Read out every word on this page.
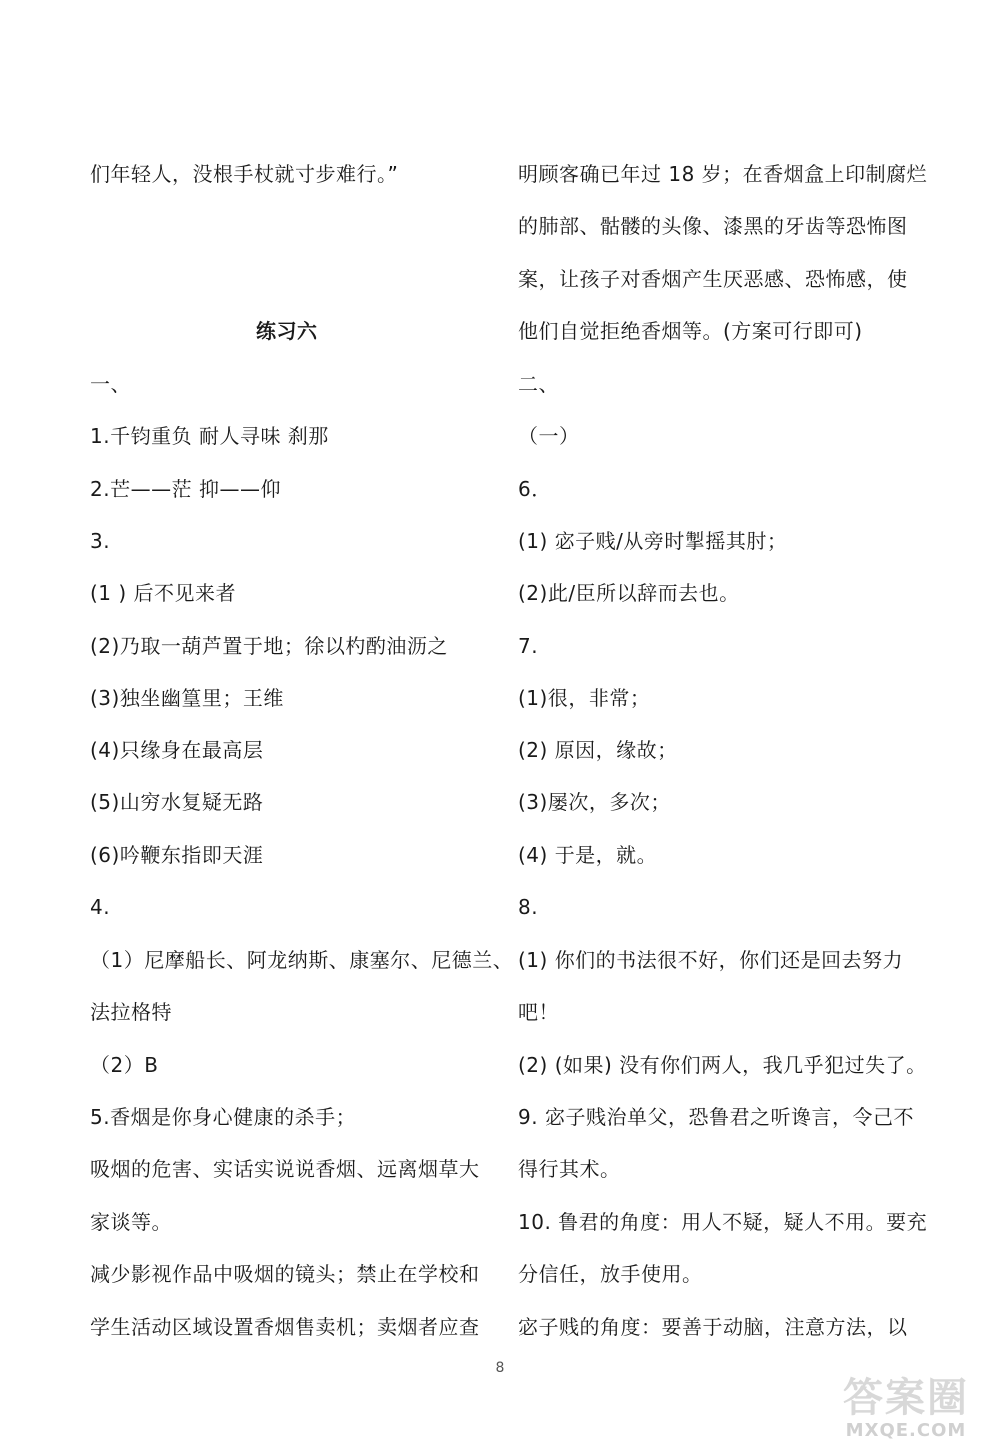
们年轻人，没根手杖就寸步难行。”
练习六
一、
1.千钧重负 耐人寻味 刹那
2.芒——茫 抑——仰
3.
(1 ) 后不见来者
(2)乃取一葫芦置于地；徐以杓酌油沥之
(3)独坐幽篁里；王维
(4)只缘身在最高层
(5)山穷水复疑无路
(6)吟鞭东指即天涯
4.
（1）尼摩船长、阿龙纳斯、康塞尔、尼德兰、
法拉格特
（2）B
5.香烟是你身心健康的杀手；
吸烟的危害、实话实说说香烟、远离烟草大
家谈等。
减少影视作品中吸烟的镜头；禁止在学校和
学生活动区域设置香烟售卖机；卖烟者应查
明顾客确已年过 18 岁；在香烟盒上印制腐烂
的肺部、骷髅的头像、漆黑的牙齿等恐怖图
案，让孩子对香烟产生厌恶感、恐怖感，使
他们自觉拒绝香烟等。(方案可行即可)
二、
（一）
6．
(1) 宓子贱/从旁时掣摇其肘；
(2)此/臣所以辞而去也。
7.
(1)很，非常；
(2) 原因，缘故；
(3)屡次，多次；
(4) 于是，就。
8.
(1) 你们的书法很不好，你们还是回去努力
吧！
(2) (如果) 没有你们两人，我几乎犯过失了。
9. 宓子贱治单父，恐鲁君之听谗言，令己不
得行其术。
10. 鲁君的角度：用人不疑，疑人不用。要充
分信任，放手使用。
宓子贱的角度：要善于动脑，注意方法，以
8
答案圈
MXQE.COM
